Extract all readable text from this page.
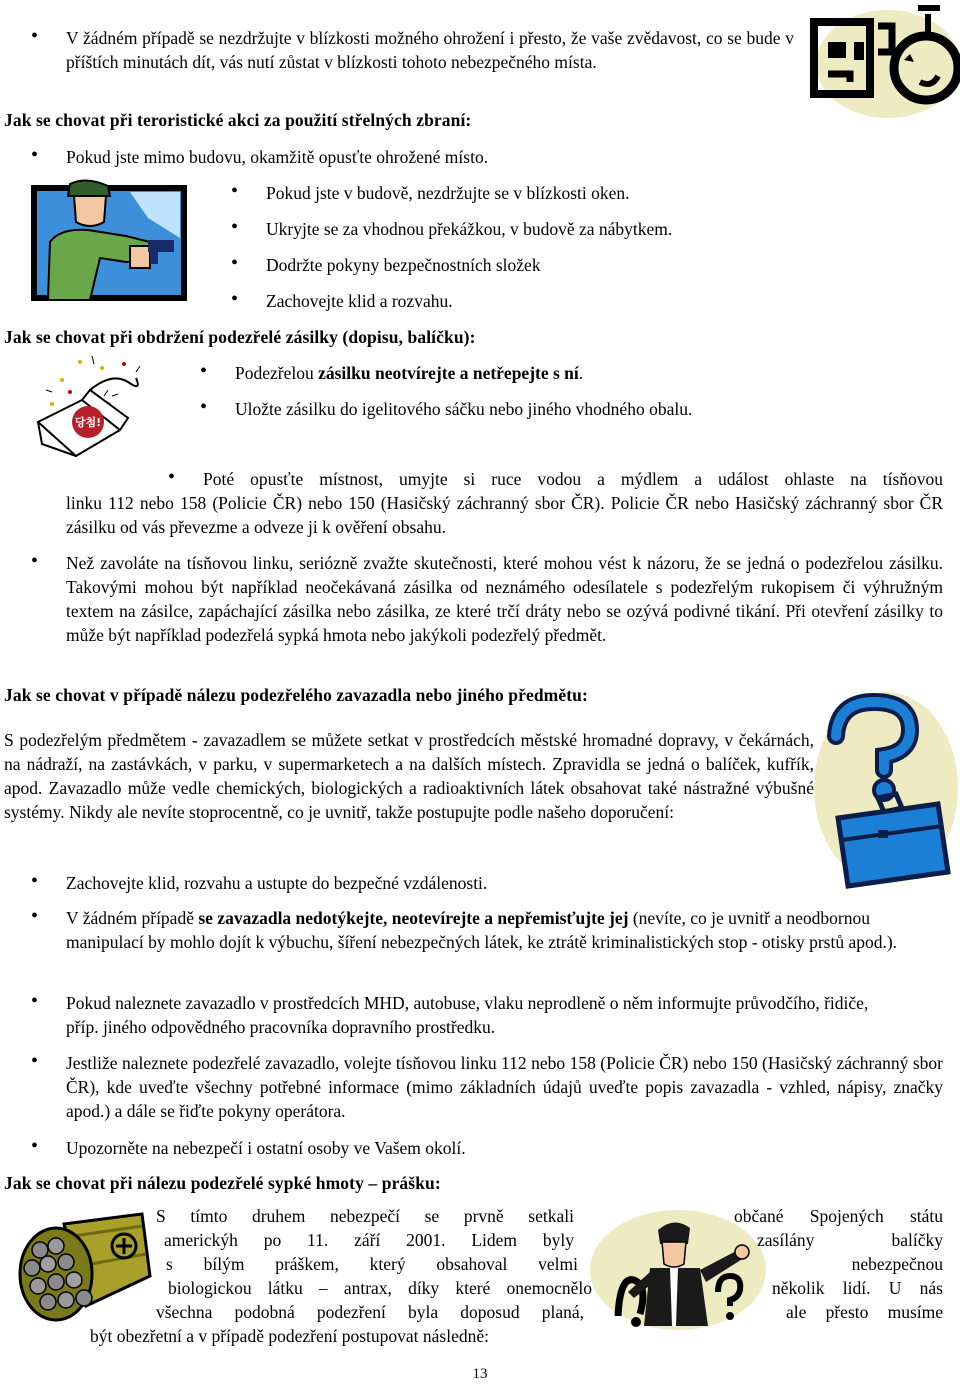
•	V žádném případě se nezdržujte v blízkosti možného ohrožení i přesto, že vaše zvědavost, co se bude v příštích minutách dít, vás nutí zůstat v blízkosti tohoto nebezpečného místa.
Jak se chovat při teroristické akci za použití střelných zbraní:
•	Pokud jste mimo budovu, okamžitě opusťte ohrožené místo.
•	Pokud jste v budově, nezdržujte se v blízkosti oken.
•	Ukryjte se za vhodnou překážkou, v budově za nábytkem.
•	Dodržte pokyny bezpečnostních složek
•	Zachovejte klid a rozvahu.
Jak se chovat při obdržení podezřelé zásilky (dopisu, balíčku):
당첨!
•	Podezřelou zásilku neotvírejte a netřepejte s ní.
•	Uložte zásilku do igelitového sáčku nebo jiného vhodného obalu.
•	Poté opusťte místnost, umyjte si ruce vodou a mýdlem a událost ohlaste na tísňovou
linku 112 nebo 158 (Policie ČR) nebo 150 (Hasičský záchranný sbor ČR). Policie ČR nebo Hasičský záchranný sbor ČR zásilku od vás převezme a odveze ji k ověření obsahu.
•	Než zavoláte na tísňovou linku, seriózně zvažte skutečnosti, které mohou vést k názoru, že se jedná o podezřelou zásilku. Takovými mohou být například neočekávaná zásilka od neznámého odesílatele s podezřelým rukopisem či výhružným textem na zásilce, zapáchající zásilka nebo zásilka, ze které trčí dráty nebo se ozývá podivné tikání. Při otevření zásilky to může být například podezřelá sypká hmota nebo jakýkoli podezřelý předmět.
Jak se chovat v případě nálezu podezřelého zavazadla nebo jiného předmětu:
S podezřelým předmětem - zavazadlem se můžete setkat v prostředcích městské hromadné dopravy, v čekárnách, na nádraží, na zastávkách, v parku, v supermarketech a na dalších místech. Zpravidla se jedná o balíček, kufřík, apod. Zavazadlo může vedle chemických, biologických a radioaktivních látek obsahovat také nástražné výbušné systémy. Nikdy ale nevíte stoprocentně, co je uvnitř, takže postupujte podle našeho doporučení:
•	Zachovejte klid, rozvahu a ustupte do bezpečné vzdálenosti.
•	V žádném případě se zavazadla nedotýkejte, neotevírejte a nepřemisťujte jej (nevíte, co je uvnitř a neodbornou manipulací by mohlo dojít k výbuchu, šíření nebezpečných látek, ke ztrátě kriminalistických stop - otisky prstů apod.).
•	Pokud naleznete zavazadlo v prostředcích MHD, autobuse, vlaku neprodleně o něm informujte průvodčího, řidiče, příp. jiného odpovědného pracovníka dopravního prostředku.
•	Jestliže naleznete podezřelé zavazadlo, volejte tísňovou linku 112 nebo 158 (Policie ČR) nebo 150 (Hasičský záchranný sbor ČR), kde uveďte všechny potřebné informace (mimo základních údajů uveďte popis zavazadla - vzhled, nápisy, značky apod.) a dále se řiďte pokyny operátora.
•	Upozorněte na nebezpečí i ostatní osoby ve Vašem okolí.
Jak se chovat při nálezu podezřelé sypké hmoty – prášku:
S tímto druhem nebezpečí se prvně setkali
americkýh po 11. září 2001. Lidem byly
s bílým práškem, který obsahoval velmi
biologickou látku – antrax, díky které onemocnělo
všechna podobná podezření byla doposud planá,
občané Spojených státu
zasílány balíčky
nebezpečnou
několik lidí. U nás
ale přesto musíme
být obezřetní a v případě podezření postupovat následně:
13
